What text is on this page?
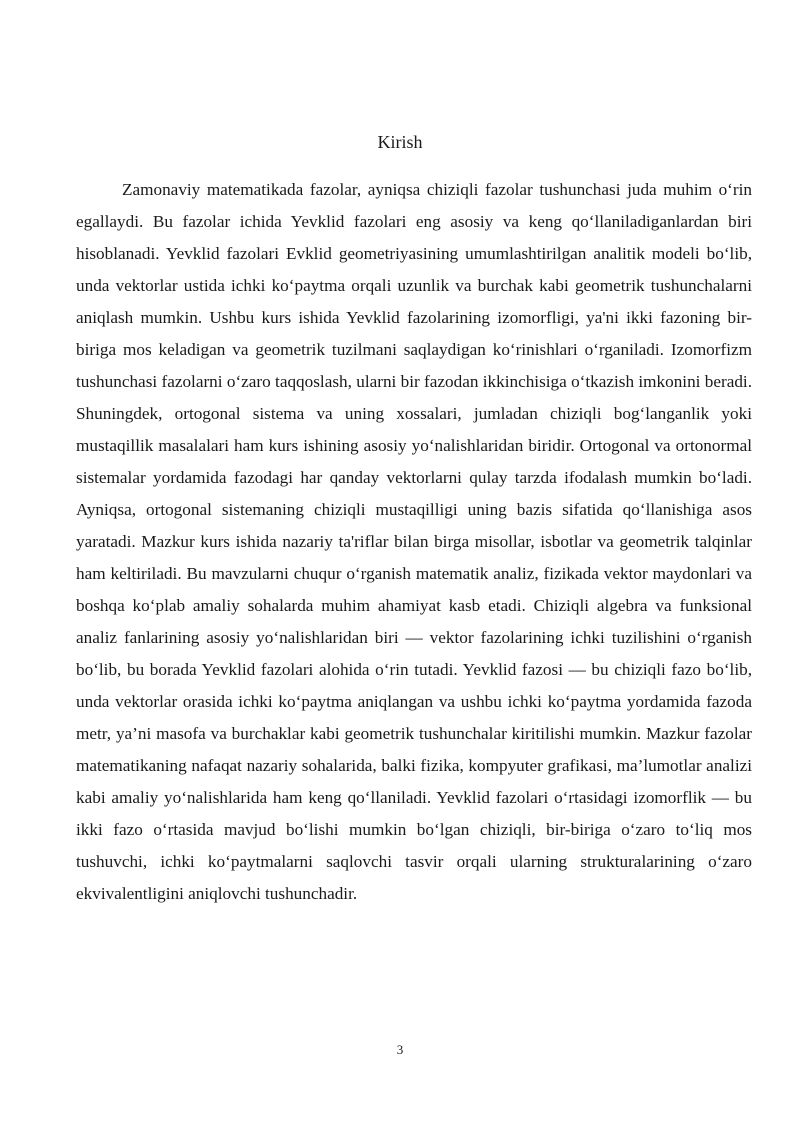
Kirish

Zamonaviy matematikada fazolar, ayniqsa chiziqli fazolar tushunchasi juda muhim o‘rin egallaydi. Bu fazolar ichida Yevklid fazolari eng asosiy va keng qo‘llaniladiganlardan biri hisoblanadi. Yevklid fazolari Evklid geometriyasining umumlashtirilgan analitik modeli bo‘lib, unda vektorlar ustida ichki ko‘paytma orqali uzunlik va burchak kabi geometrik tushunchalarni aniqlash mumkin. Ushbu kurs ishida Yevklid fazolarining izomorfligi, ya'ni ikki fazoning bir-biriga mos keladigan va geometrik tuzilmani saqlaydigan ko‘rinishlari o‘rganiladi. Izomorfizm tushunchasi fazolarni o‘zaro taqqoslash, ularni bir fazodan ikkinchisiga o‘tkazish imkonini beradi. Shuningdek, ortogonal sistema va uning xossalari, jumladan chiziqli bog‘langanlik yoki mustaqillik masalalari ham kurs ishining asosiy yo‘nalishlaridan biridir. Ortogonal va ortonormal sistemalar yordamida fazodagi har qanday vektorlarni qulay tarzda ifodalash mumkin bo‘ladi. Ayniqsa, ortogonal sistemaning chiziqli mustaqilligi uning bazis sifatida qo‘llanishiga asos yaratadi. Mazkur kurs ishida nazariy ta'riflar bilan birga misollar, isbotlar va geometrik talqinlar ham keltiriladi. Bu mavzularni chuqur o‘rganish matematik analiz, fizikada vektor maydonlari va boshqa ko‘plab amaliy sohalarda muhim ahamiyat kasb etadi. Chiziqli algebra va funksional analiz fanlarining asosiy yo‘nalishlaridan biri — vektor fazolarining ichki tuzilishini o‘rganish bo‘lib, bu borada Yevklid fazolari alohida o‘rin tutadi. Yevklid fazosi — bu chiziqli fazo bo‘lib, unda vektorlar orasida ichki ko‘paytma aniqlangan va ushbu ichki ko‘paytma yordamida fazoda metr, ya’ni masofa va burchaklar kabi geometrik tushunchalar kiritilishi mumkin. Mazkur fazolar matematikaning nafaqat nazariy sohalarida, balki fizika, kompyuter grafikasi, ma’lumotlar analizi kabi amaliy yo‘nalishlarida ham keng qo‘llaniladi. Yevklid fazolari o‘rtasidagi izomorflik — bu ikki fazo o‘rtasida mavjud bo‘lishi mumkin bo‘lgan chiziqli, bir-biriga o‘zaro to‘liq mos tushuvchi, ichki ko‘paytmalarni saqlovchi tasvir orqali ularning strukturalarining o‘zaro ekvivalentligini aniqlovchi tushunchadir.

3
